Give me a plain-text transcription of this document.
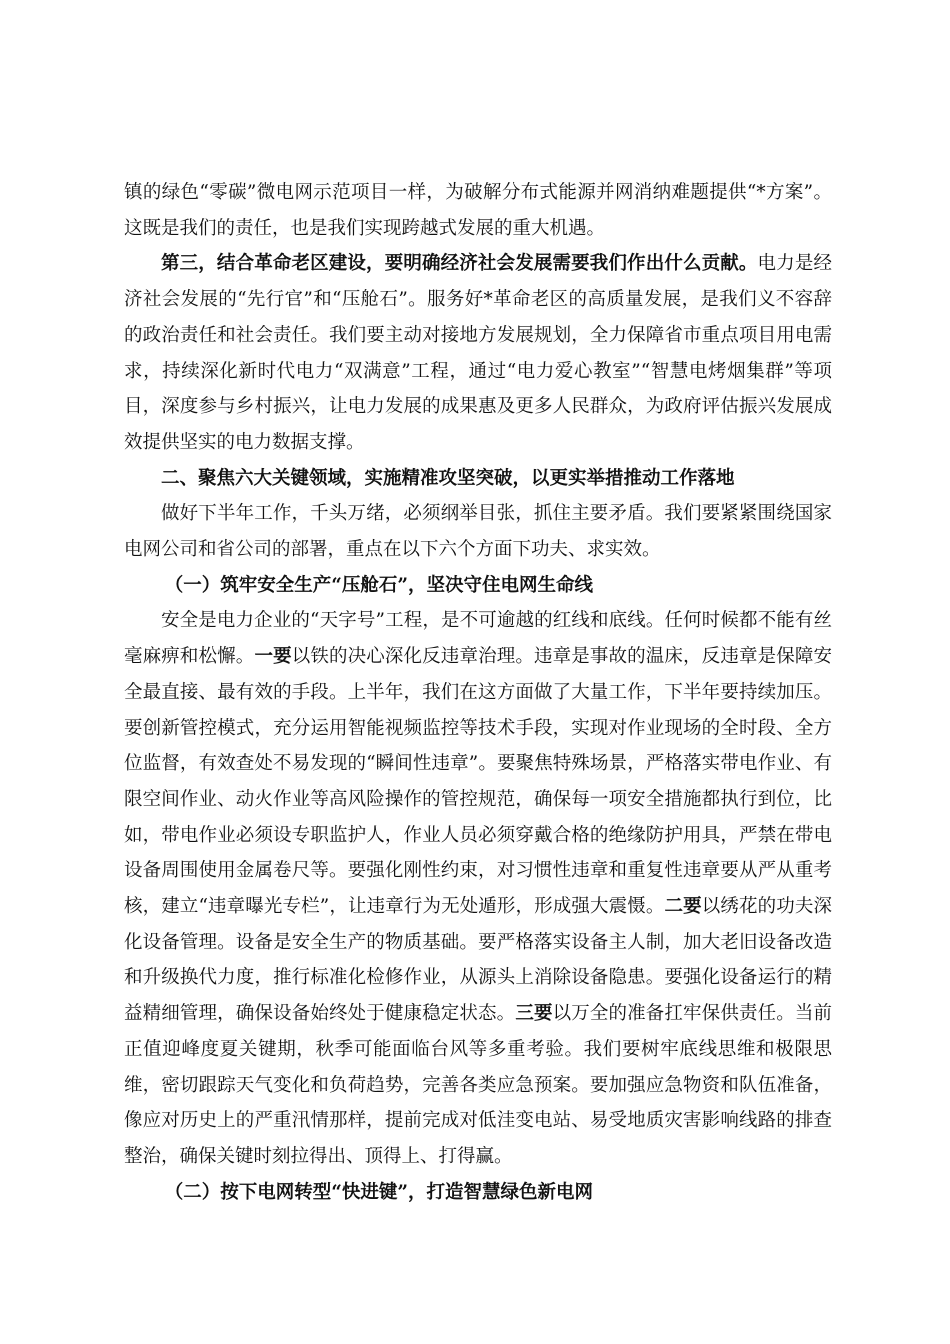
镇的绿色“零碳”微电网示范项目一样，为破解分布式能源并网消纳难题提供“*方案”。这既是我们的责任，也是我们实现跨越式发展的重大机遇。

第三，结合革命老区建设，要明确经济社会发展需要我们作出什么贡献。电力是经济社会发展的“先行官”和“压舱石”。服务好*革命老区的高质量发展，是我们义不容辞的政治责任和社会责任。我们要主动对接地方发展规划，全力保障省市重点项目用电需求，持续深化新时代电力“双满意”工程，通过“电力爱心教室”“智慧电烤烟集群”等项目，深度参与乡村振兴，让电力发展的成果惠及更多人民群众，为政府评估振兴发展成效提供坚实的电力数据支撑。

二、聚焦六大关键领域，实施精准攻坚突破，以更实举措推动工作落地

做好下半年工作，千头万绪，必须纲举目张，抓住主要矛盾。我们要紧紧围绕国家电网公司和省公司的部署，重点在以下六个方面下功夫、求实效。

（一）筑牢安全生产“压舱石”，坚决守住电网生命线

安全是电力企业的“天字号”工程，是不可逾越的红线和底线。任何时候都不能有丝毫麻痹和松懈。一要以铁的决心深化反违章治理。违章是事故的温床，反违章是保障安全最直接、最有效的手段。上半年，我们在这方面做了大量工作，下半年要持续加压。要创新管控模式，充分运用智能视频监控等技术手段，实现对作业现场的全时段、全方位监督，有效查处不易发现的“瞬间性违章”。要聚焦特殊场景，严格落实带电作业、有限空间作业、动火作业等高风险操作的管控规范，确保每一项安全措施都执行到位，比如，带电作业必须设专职监护人，作业人员必须穿戴合格的绝缘防护用具，严禁在带电设备周围使用金属卷尺等。要强化刚性约束，对习惯性违章和重复性违章要从严从重考核，建立“违章曝光专栏”，让违章行为无处遁形，形成强大震慑。二要以绣花的功夫深化设备管理。设备是安全生产的物质基础。要严格落实设备主人制，加大老旧设备改造和升级换代力度，推行标准化检修作业，从源头上消除设备隐患。要强化设备运行的精益精细管理，确保设备始终处于健康稳定状态。三要以万全的准备扛牢保供责任。当前正值迎峰度夏关键期，秋季可能面临台风等多重考验。我们要树牢底线思维和极限思维，密切跟踪天气变化和负荷趋势，完善各类应急预案。要加强应急物资和队伍准备，像应对历史上的严重汛情那样，提前完成对低洼变电站、易受地质灾害影响线路的排查整治，确保关键时刻拉得出、顶得上、打得赢。

（二）按下电网转型“快进键”，打造智慧绿色新电网
